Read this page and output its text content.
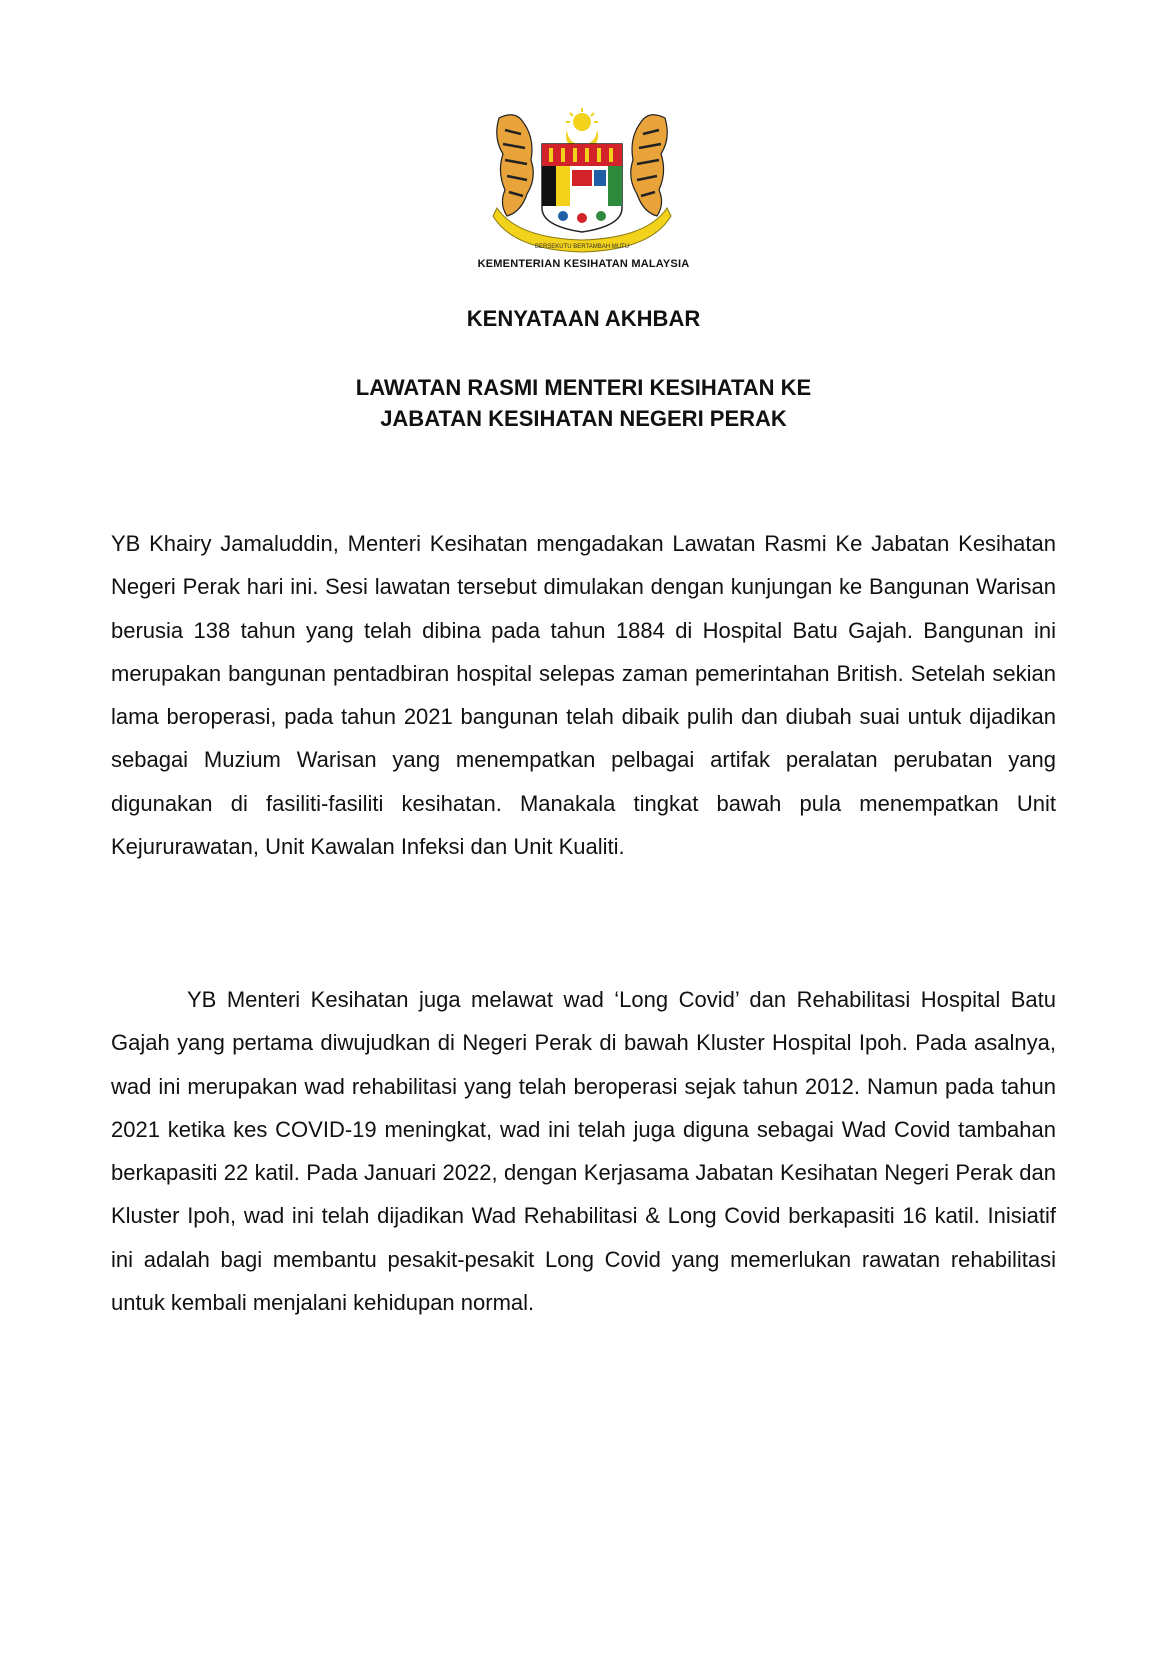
BERSEKUTU BERTAMBAH MUTU
KEMENTERIAN KESIHATAN MALAYSIA
KENYATAAN AKHBAR
LAWATAN RASMI MENTERI KESIHATAN KE
JABATAN KESIHATAN NEGERI PERAK

YB Khairy Jamaluddin, Menteri Kesihatan mengadakan Lawatan Rasmi Ke Jabatan Kesihatan Negeri Perak hari ini. Sesi lawatan tersebut dimulakan dengan kunjungan ke Bangunan Warisan berusia 138 tahun yang telah dibina pada tahun 1884 di Hospital Batu Gajah. Bangunan ini merupakan bangunan pentadbiran hospital selepas zaman pemerintahan British. Setelah sekian lama beroperasi, pada tahun 2021 bangunan telah dibaik pulih dan diubah suai untuk dijadikan sebagai Muzium Warisan yang menempatkan pelbagai artifak peralatan perubatan yang digunakan di fasiliti-fasiliti kesihatan. Manakala tingkat bawah pula menempatkan Unit Kejururawatan, Unit Kawalan Infeksi dan Unit Kualiti.

YB Menteri Kesihatan juga melawat wad ‘Long Covid’ dan Rehabilitasi Hospital Batu Gajah yang pertama diwujudkan di Negeri Perak di bawah Kluster Hospital Ipoh. Pada asalnya, wad ini merupakan wad rehabilitasi yang telah beroperasi sejak tahun 2012. Namun pada tahun 2021 ketika kes COVID-19 meningkat, wad ini telah juga diguna sebagai Wad Covid tambahan berkapasiti 22 katil. Pada Januari 2022, dengan Kerjasama Jabatan Kesihatan Negeri Perak dan Kluster Ipoh, wad ini telah dijadikan Wad Rehabilitasi & Long Covid berkapasiti 16 katil. Inisiatif ini adalah bagi membantu pesakit-pesakit Long Covid yang memerlukan rawatan rehabilitasi untuk kembali menjalani kehidupan normal.
